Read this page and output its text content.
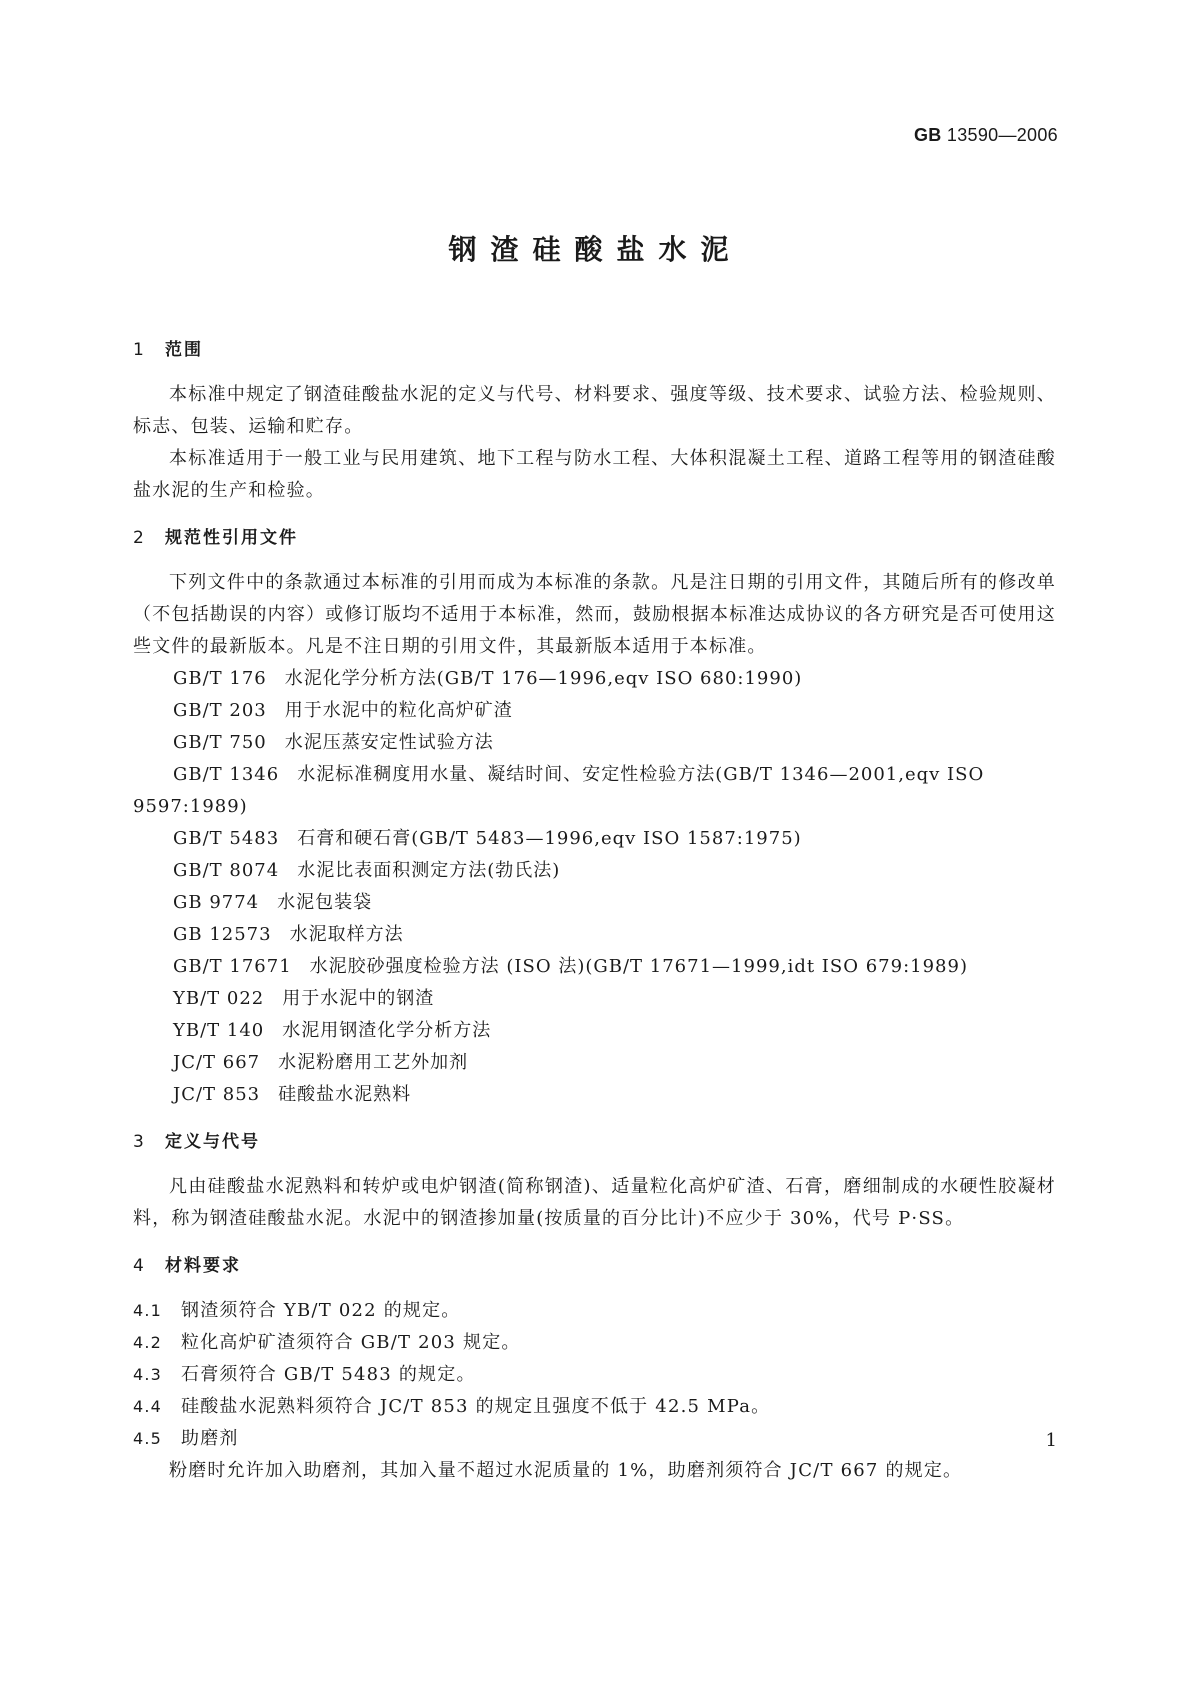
GB 13590—2006
钢渣硅酸盐水泥
1 范围

本标准中规定了钢渣硅酸盐水泥的定义与代号、材料要求、强度等级、技术要求、试验方法、检验规则、标志、包装、运输和贮存。

本标准适用于一般工业与民用建筑、地下工程与防水工程、大体积混凝土工程、道路工程等用的钢渣硅酸盐水泥的生产和检验。

2 规范性引用文件

下列文件中的条款通过本标准的引用而成为本标准的条款。凡是注日期的引用文件，其随后所有的修改单（不包括勘误的内容）或修订版均不适用于本标准，然而，鼓励根据本标准达成协议的各方研究是否可使用这些文件的最新版本。凡是不注日期的引用文件，其最新版本适用于本标准。

GB/T 176 水泥化学分析方法(GB/T 176—1996,eqv ISO 680:1990)

GB/T 203 用于水泥中的粒化高炉矿渣

GB/T 750 水泥压蒸安定性试验方法

GB/T 1346 水泥标准稠度用水量、凝结时间、安定性检验方法(GB/T 1346—2001,eqv ISO 9597:1989)

GB/T 5483 石膏和硬石膏(GB/T 5483—1996,eqv ISO 1587:1975)

GB/T 8074 水泥比表面积测定方法(勃氏法)

GB 9774 水泥包装袋

GB 12573 水泥取样方法

GB/T 17671 水泥胶砂强度检验方法 (ISO 法)(GB/T 17671—1999,idt ISO 679:1989)

YB/T 022 用于水泥中的钢渣

YB/T 140 水泥用钢渣化学分析方法

JC/T 667 水泥粉磨用工艺外加剂

JC/T 853 硅酸盐水泥熟料

3 定义与代号

凡由硅酸盐水泥熟料和转炉或电炉钢渣(简称钢渣)、适量粒化高炉矿渣、石膏，磨细制成的水硬性胶凝材料，称为钢渣硅酸盐水泥。水泥中的钢渣掺加量(按质量的百分比计)不应少于 30%，代号 P·SS。

4 材料要求

4.1 钢渣须符合 YB/T 022 的规定。

4.2 粒化高炉矿渣须符合 GB/T 203 规定。

4.3 石膏须符合 GB/T 5483 的规定。

4.4 硅酸盐水泥熟料须符合 JC/T 853 的规定且强度不低于 42.5 MPa。

4.5 助磨剂

粉磨时允许加入助磨剂，其加入量不超过水泥质量的 1%，助磨剂须符合 JC/T 667 的规定。

1
